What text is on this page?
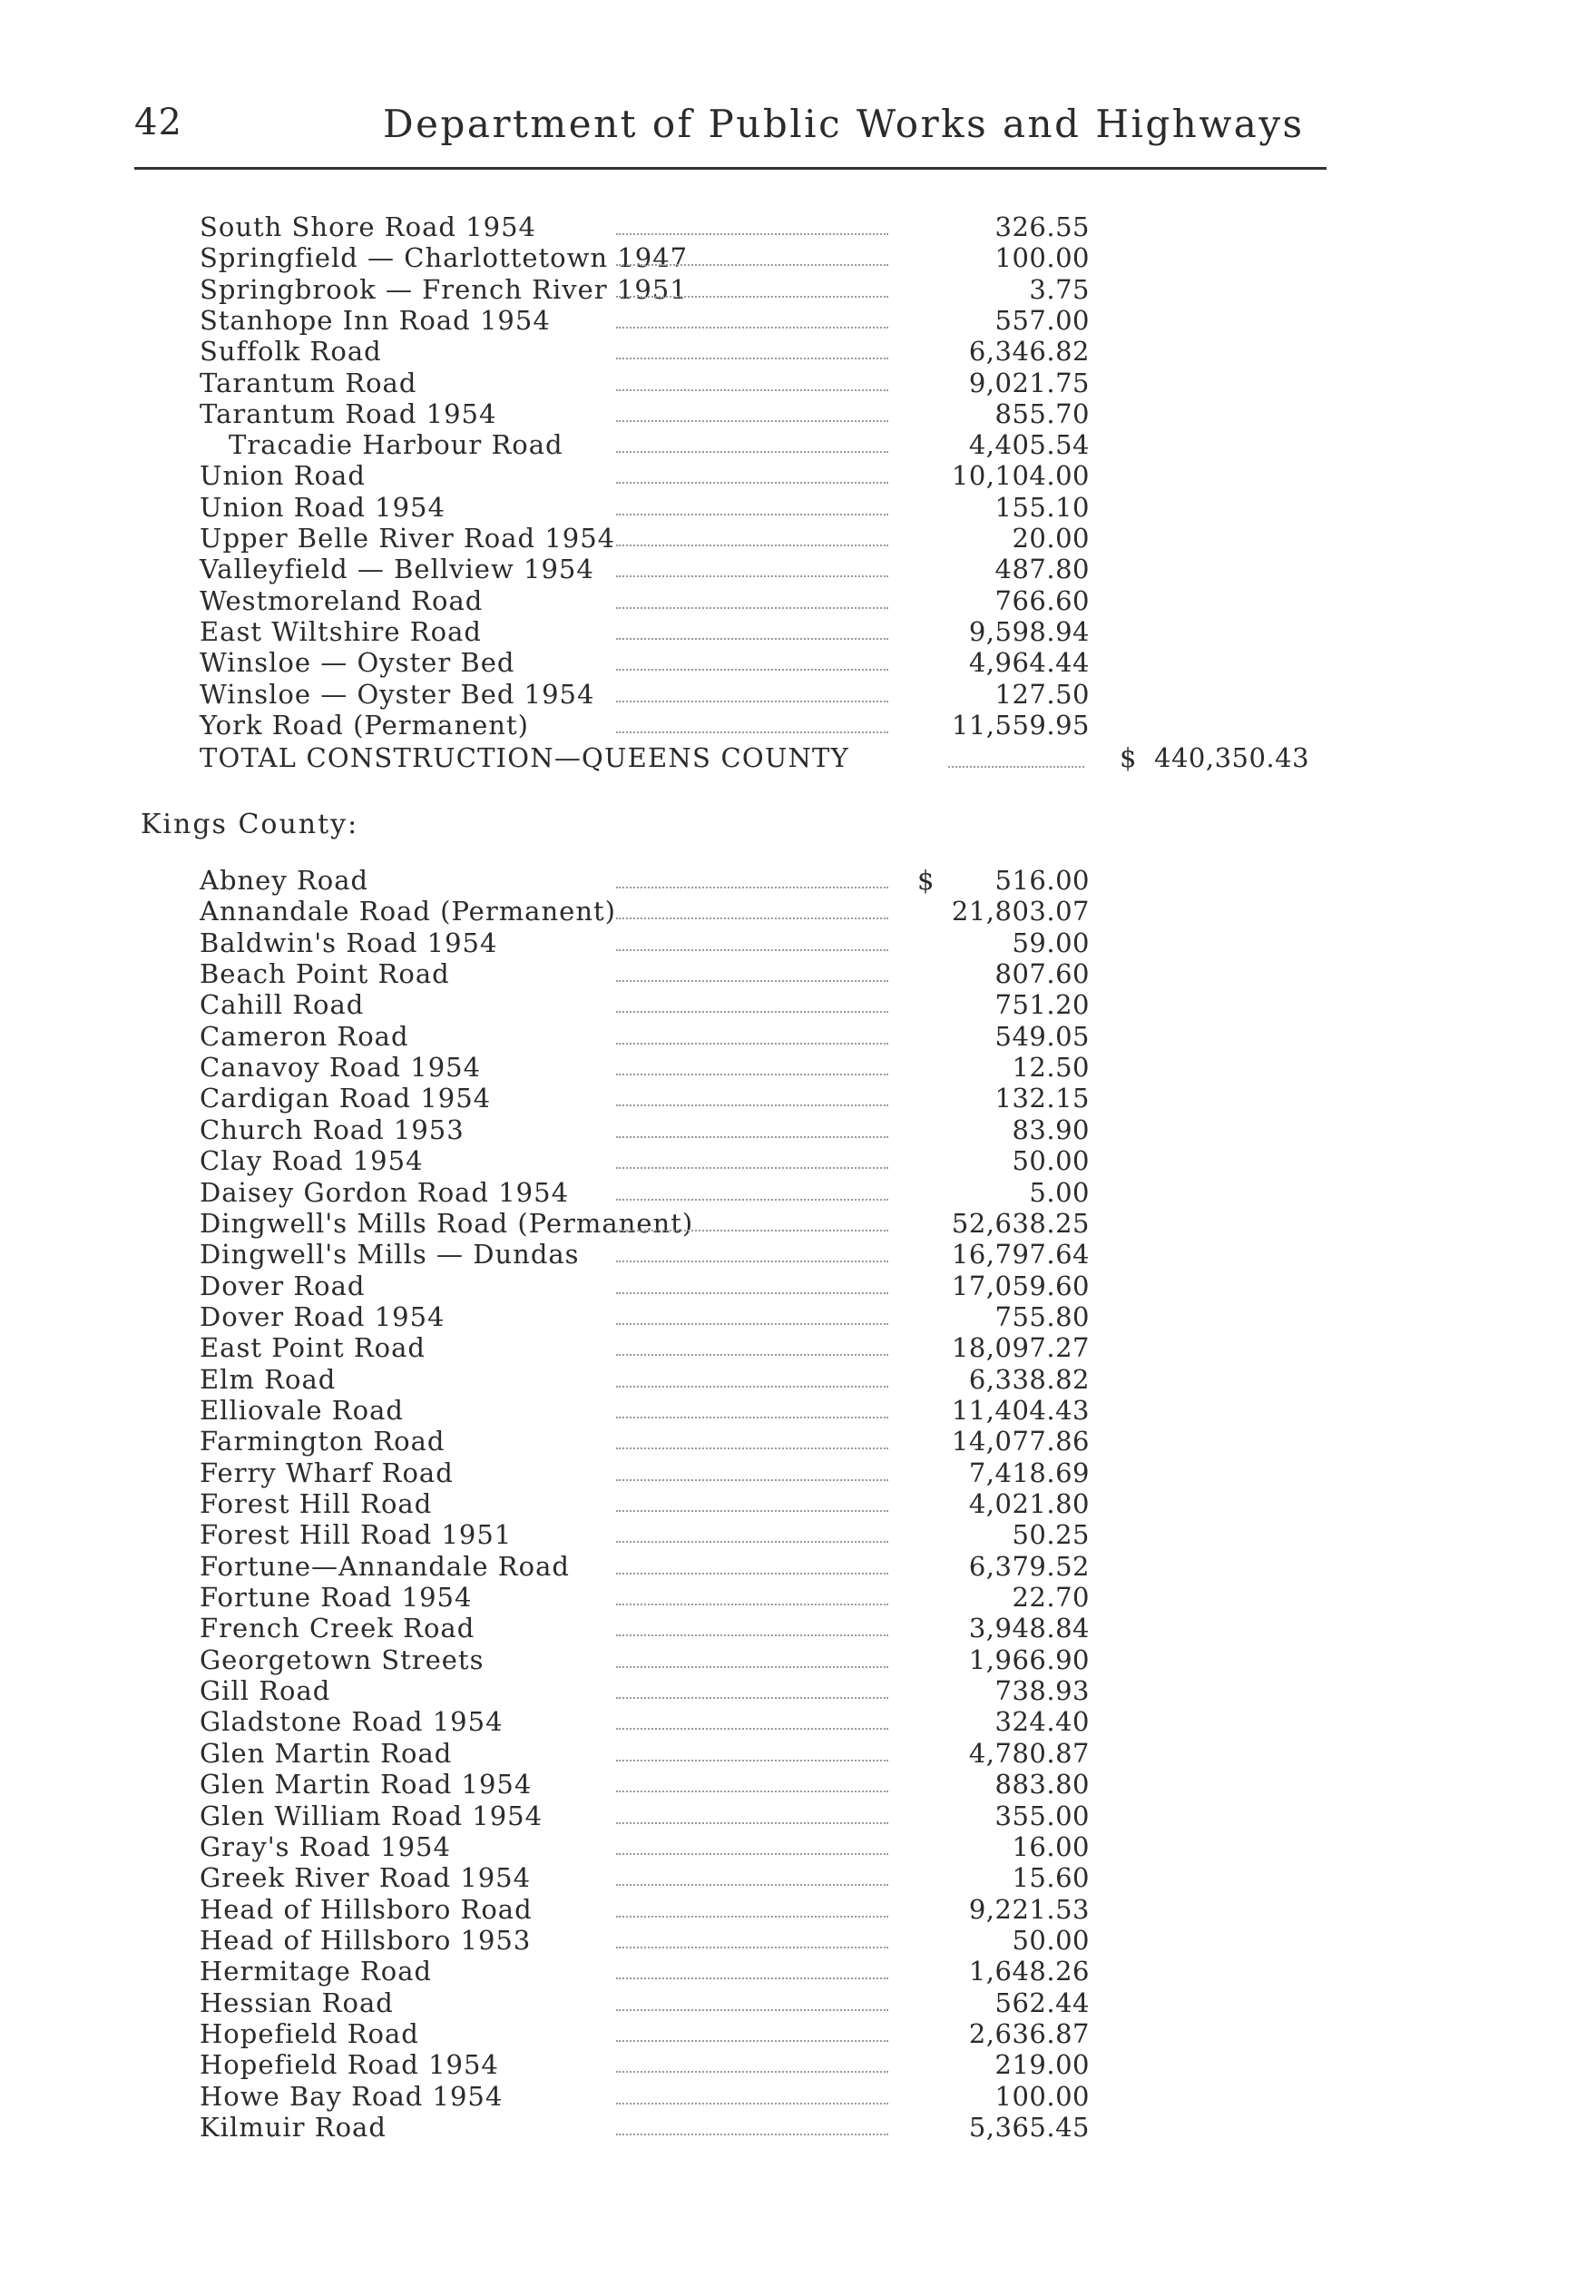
42	Department of Public Works and Highways
South Shore Road 1954	326.55
Springfield — Charlottetown 1947	100.00
Springbrook — French River 1951	3.75
Stanhope Inn Road 1954	557.00
Suffolk Road	6,346.82
Tarantum Road	9,021.75
Tarantum Road 1954	855.70
Tracadie Harbour Road	4,405.54
Union Road	10,104.00
Union Road 1954	155.10
Upper Belle River Road 1954	20.00
Valleyfield — Bellview 1954	487.80
Westmoreland Road	766.60
East Wiltshire Road	9,598.94
Winsloe — Oyster Bed	4,964.44
Winsloe — Oyster Bed 1954	127.50
York Road (Permanent)	11,559.95
TOTAL CONSTRUCTION—QUEENS COUNTY	$ 440,350.43
Kings County:
Abney Road	$ 516.00
Annandale Road (Permanent)	21,803.07
Baldwin's Road 1954	59.00
Beach Point Road	807.60
Cahill Road	751.20
Cameron Road	549.05
Canavoy Road 1954	12.50
Cardigan Road 1954	132.15
Church Road 1953	83.90
Clay Road 1954	50.00
Daisey Gordon Road 1954	5.00
Dingwell's Mills Road (Permanent)	52,638.25
Dingwell's Mills — Dundas	16,797.64
Dover Road	17,059.60
Dover Road 1954	755.80
East Point Road	18,097.27
Elm Road	6,338.82
Elliovale Road	11,404.43
Farmington Road	14,077.86
Ferry Wharf Road	7,418.69
Forest Hill Road	4,021.80
Forest Hill Road 1951	50.25
Fortune—Annandale Road	6,379.52
Fortune Road 1954	22.70
French Creek Road	3,948.84
Georgetown Streets	1,966.90
Gill Road	738.93
Gladstone Road 1954	324.40
Glen Martin Road	4,780.87
Glen Martin Road 1954	883.80
Glen William Road 1954	355.00
Gray's Road 1954	16.00
Greek River Road 1954	15.60
Head of Hillsboro Road	9,221.53
Head of Hillsboro 1953	50.00
Hermitage Road	1,648.26
Hessian Road	562.44
Hopefield Road	2,636.87
Hopefield Road 1954	219.00
Howe Bay Road 1954	100.00
Kilmuir Road	5,365.45
